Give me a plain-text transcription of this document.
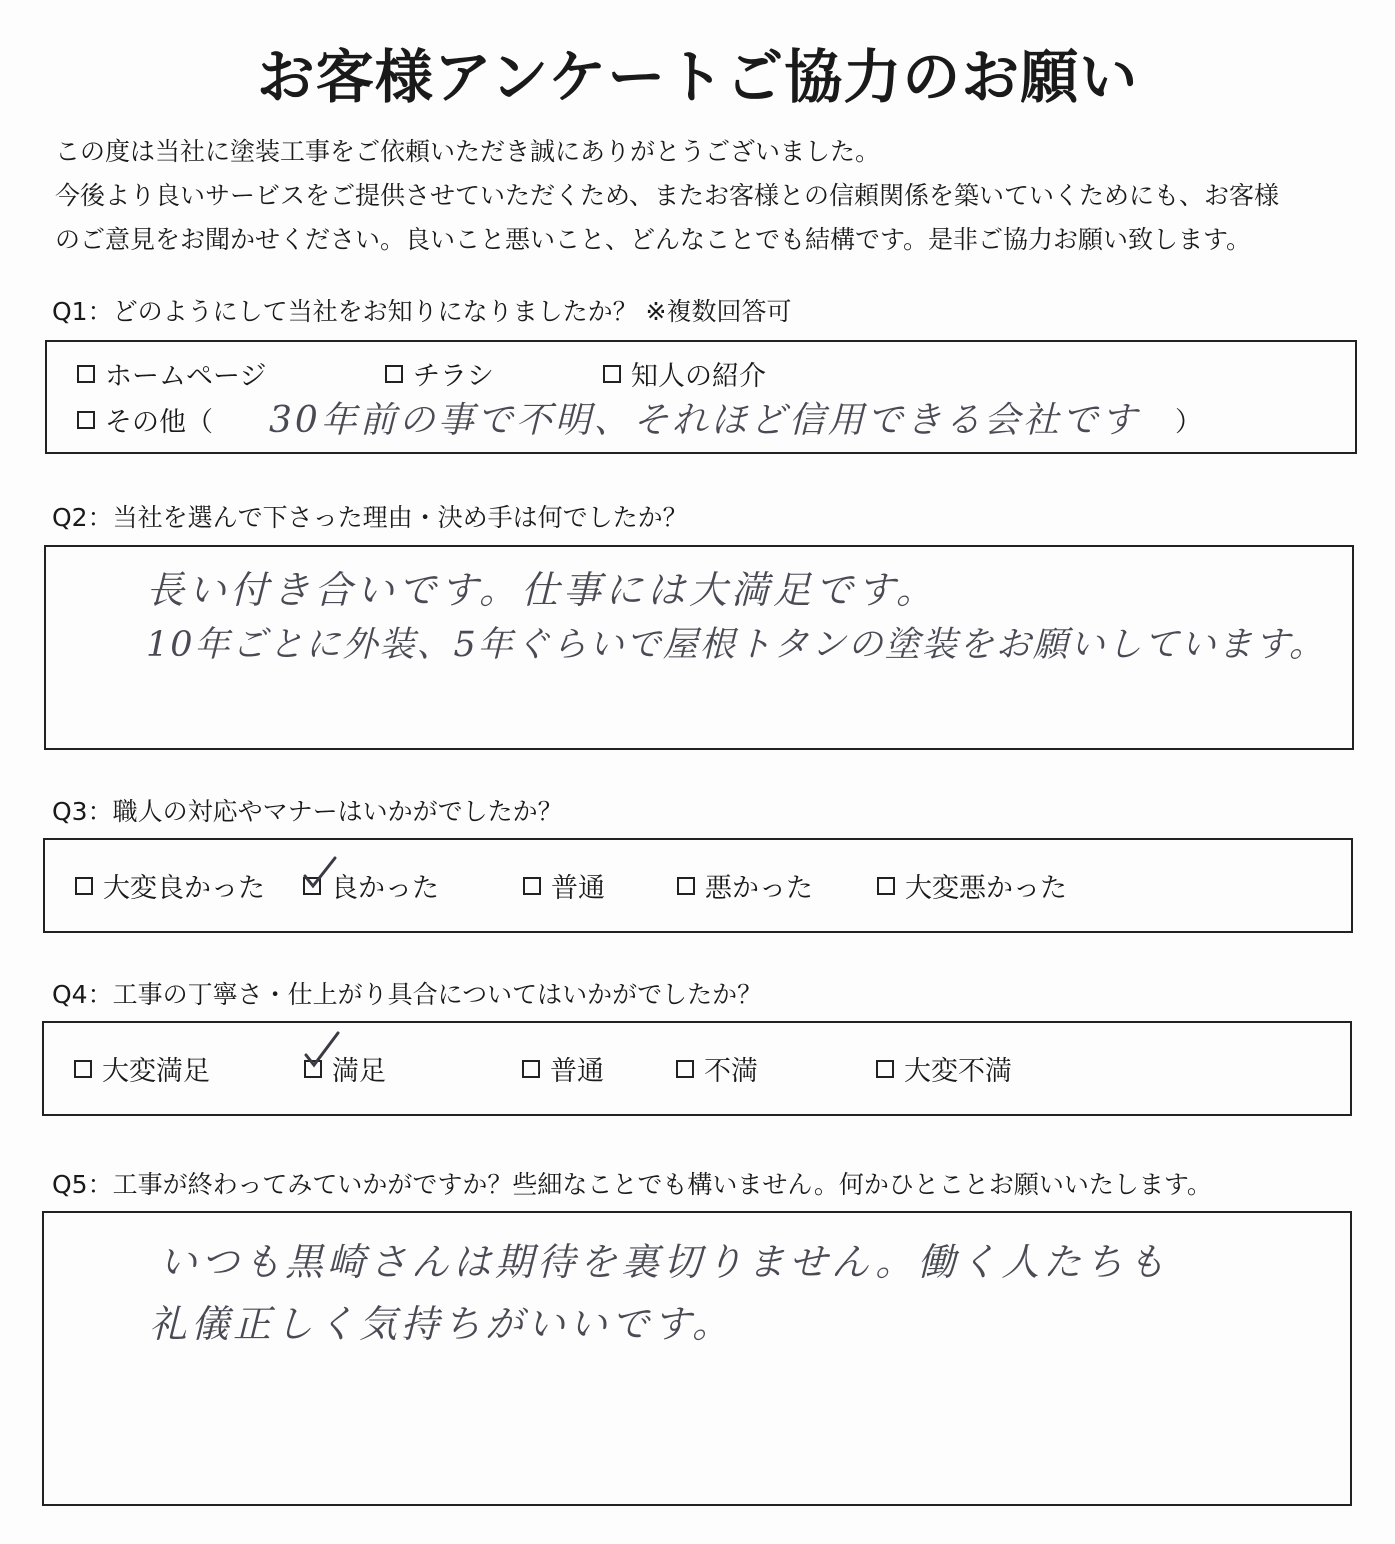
お客様アンケートご協力のお願い

この度は当社に塗装工事をご依頼いただき誠にありがとうございました。

今後より良いサービスをご提供させていただくため、またお客様との信頼関係を築いていくためにも、お客様

のご意見をお聞かせください。良いこと悪いこと、どんなことでも結構です。是非ご協力お願い致します。

Q1：どのようにして当社をお知りになりましたか？ ※複数回答可
ホームページ	チラシ	知人の紹介
その他（	）
30年前の事で不明、それほど信用できる会社です
Q2：当社を選んで下さった理由・決め手は何でしたか？
長い付き合いです。仕事には大満足です。
10年ごとに外装、5年ぐらいで屋根トタンの塗装をお願いしています。
Q3：職人の対応やマナーはいかがでしたか？
大変良かった 良かった	普通	悪かった	大変悪かった
Q4：工事の丁寧さ・仕上がり具合についてはいかがでしたか？
大変満足	満足	普通	不満	大変不満
Q5：工事が終わってみていかがですか？些細なことでも構いません。何かひとことお願いいたします。
いつも黒崎さんは期待を裏切りません。働く人たちも
礼儀正しく気持ちがいいです。
